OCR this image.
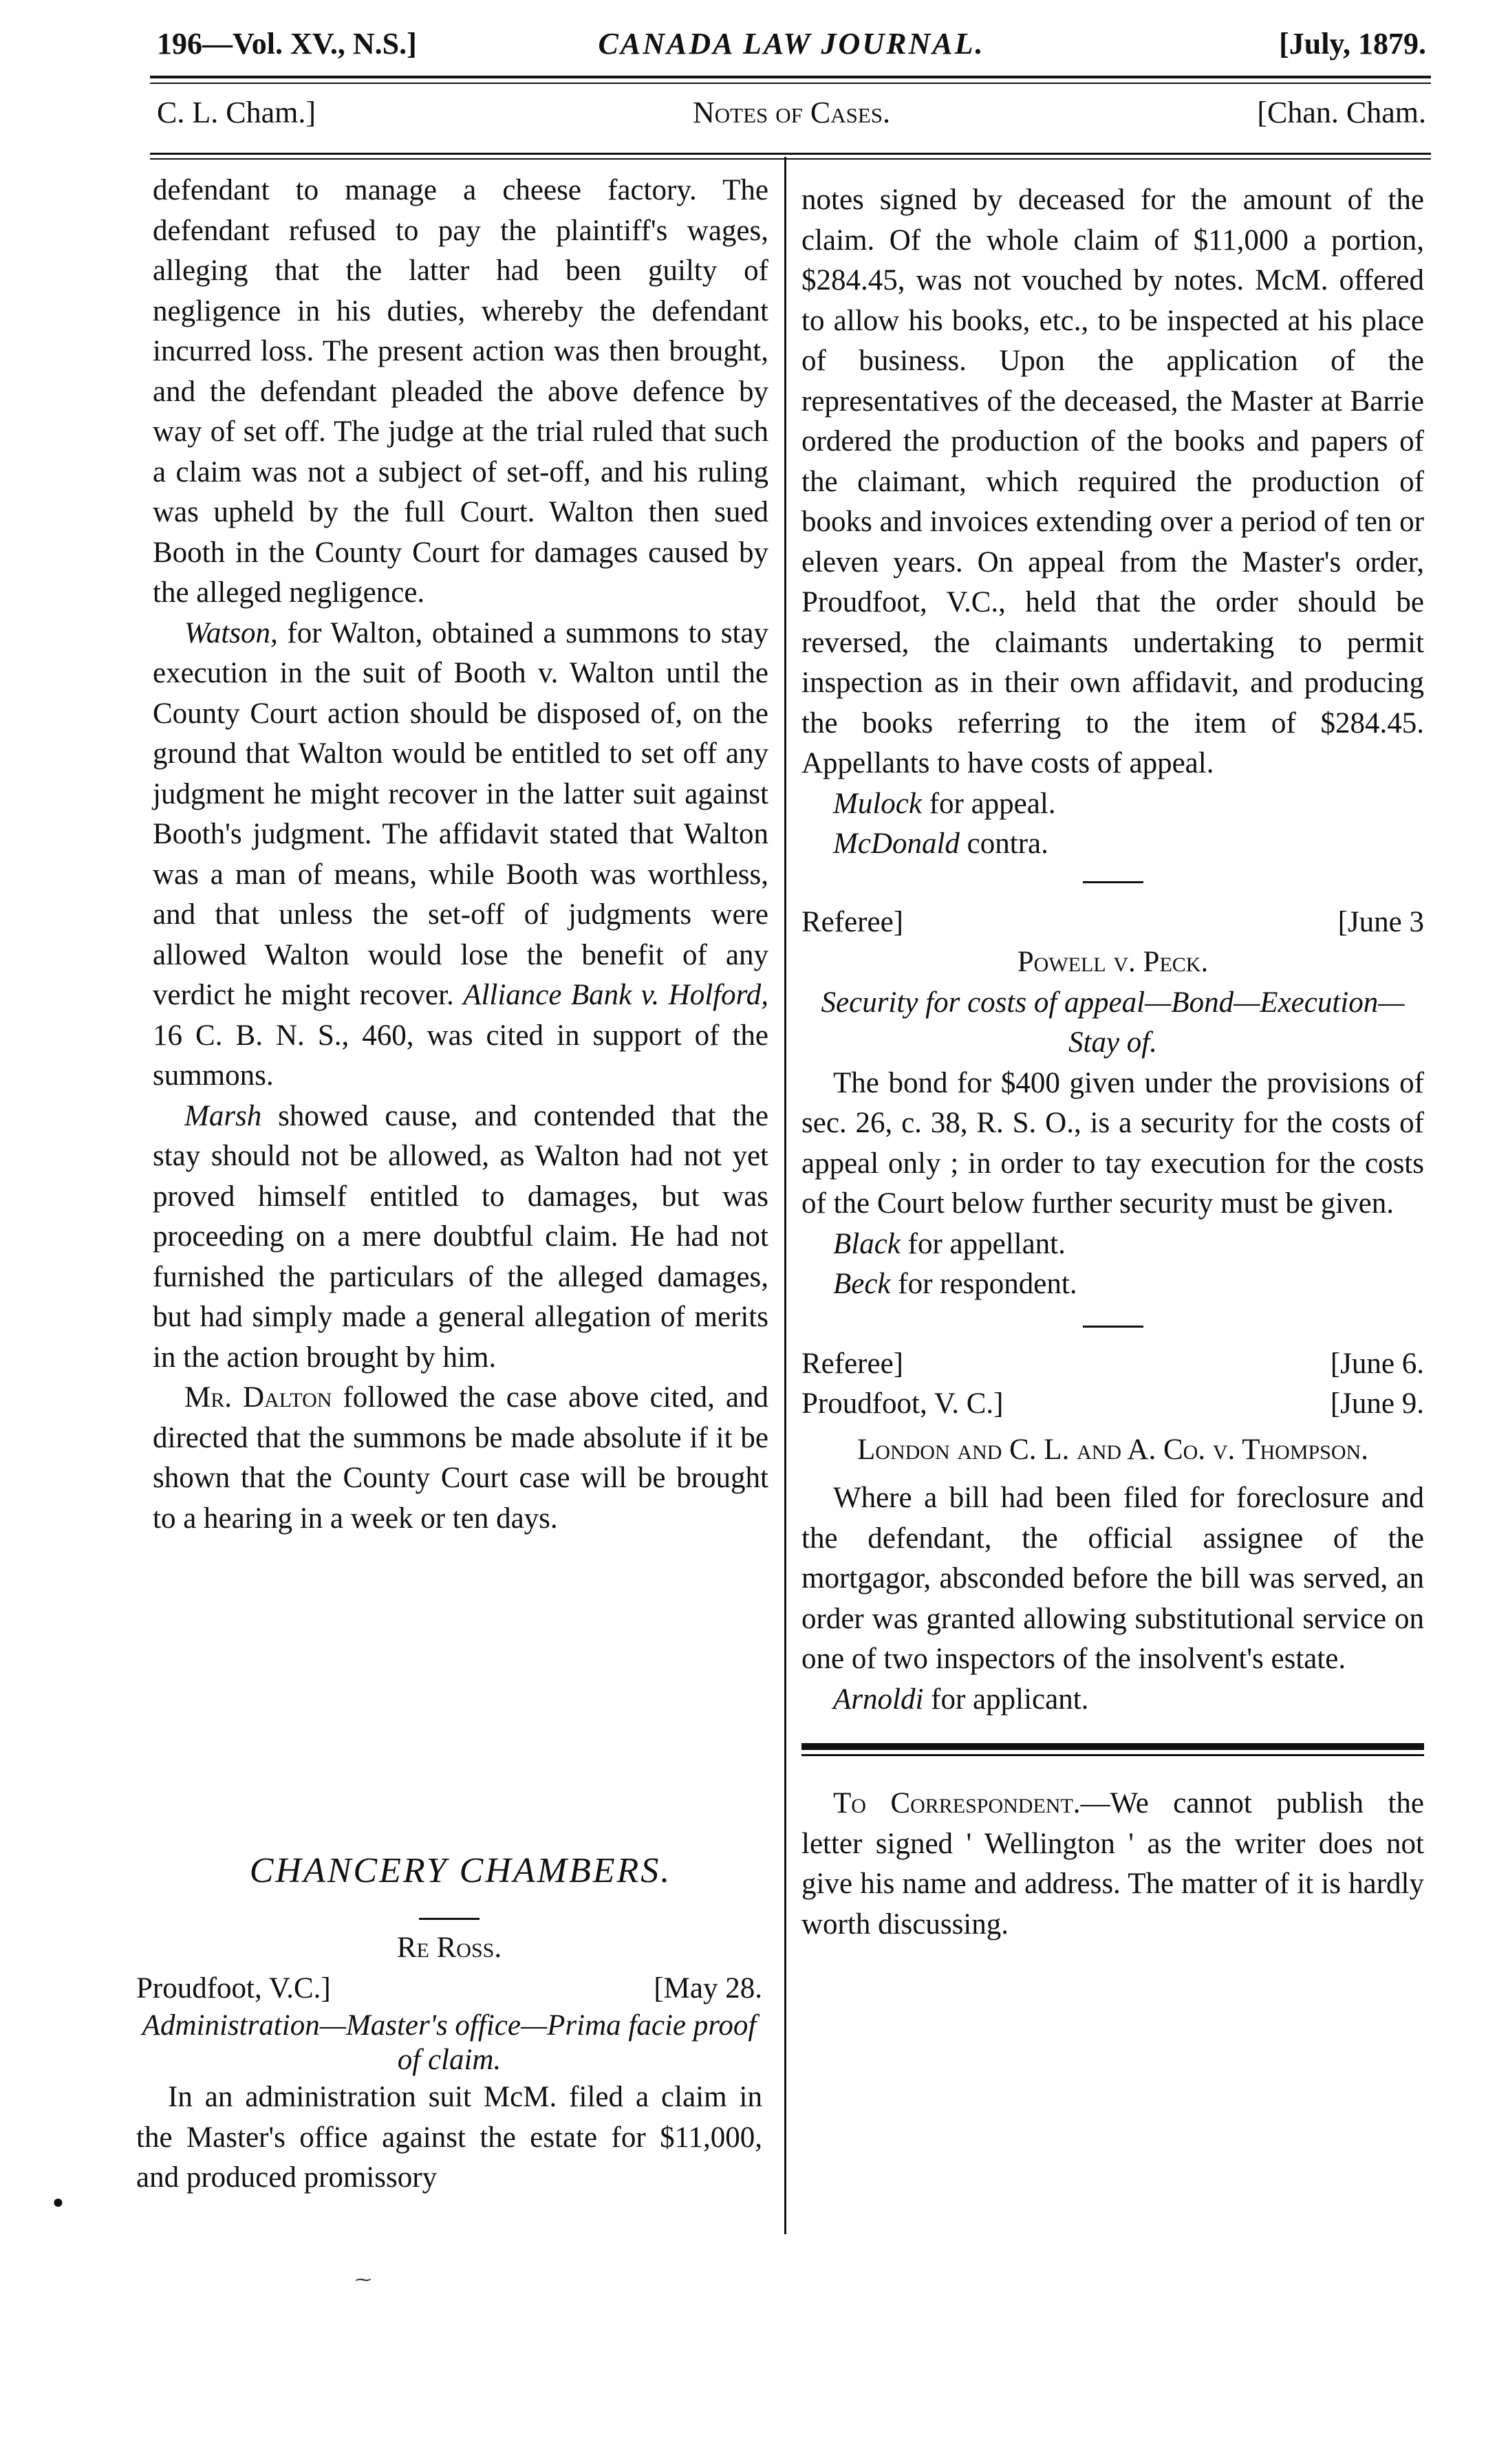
196—Vol. XV., N.S.]	CANADA LAW JOURNAL.	[July, 1879.
C. L. Cham.]	Notes of Cases.	[Chan. Cham.

defendant to manage a cheese factory. The defendant refused to pay the plaintiff's wages, alleging that the latter had been guilty of negligence in his duties, whereby the defendant incurred loss. The present action was then brought, and the defendant pleaded the above defence by way of set off. The judge at the trial ruled that such a claim was not a subject of set-off, and his ruling was upheld by the full Court. Walton then sued Booth in the County Court for damages caused by the alleged negligence.

Watson, for Walton, obtained a summons to stay execution in the suit of Booth v. Walton until the County Court action should be disposed of, on the ground that Walton would be entitled to set off any judgment he might recover in the latter suit against Booth's judgment. The affidavit stated that Walton was a man of means, while Booth was worthless, and that unless the set-off of judgments were allowed Walton would lose the benefit of any verdict he might recover. Alliance Bank v. Holford, 16 C. B. N. S., 460, was cited in support of the summons.

Marsh showed cause, and contended that the stay should not be allowed, as Walton had not yet proved himself entitled to damages, but was proceeding on a mere doubtful claim. He had not furnished the particulars of the alleged damages, but had simply made a general allegation of merits in the action brought by him.

Mr. Dalton followed the case above cited, and directed that the summons be made absolute if it be shown that the County Court case will be brought to a hearing in a week or ten days.

CHANCERY CHAMBERS.
Re Ross.
Proudfoot, V.C.]	[May 28.

Administration—Master's office—Prima facie proof of claim.

In an administration suit McM. filed a claim in the Master's office against the estate for $11,000, and produced promissory

notes signed by deceased for the amount of the claim. Of the whole claim of $11,000 a portion, $284.45, was not vouched by notes. McM. offered to allow his books, etc., to be inspected at his place of business. Upon the application of the representatives of the deceased, the Master at Barrie ordered the production of the books and papers of the claimant, which required the production of books and invoices extending over a period of ten or eleven years. On appeal from the Master's order, Proudfoot, V.C., held that the order should be reversed, the claimants undertaking to permit inspection as in their own affidavit, and producing the books referring to the item of $284.45. Appellants to have costs of appeal.

Mulock for appeal.

McDonald contra.

Referee]	[June 3
Powell v. Peck.

Security for costs of appeal—Bond—Execution—Stay of.

The bond for $400 given under the provisions of sec. 26, c. 38, R. S. O., is a security for the costs of appeal only ; in order to tay execution for the costs of the Court below further security must be given.

Black for appellant.

Beck for respondent.

Referee]	[June 6.
Proudfoot, V. C.]	[June 9.
London and C. L. and A. Co. v. Thompson.

Where a bill had been filed for foreclosure and the defendant, the official assignee of the mortgagor, absconded before the bill was served, an order was granted allowing substitutional service on one of two inspectors of the insolvent's estate.

Arnoldi for applicant.

To Correspondent.—We cannot publish the letter signed ' Wellington ' as the writer does not give his name and address. The matter of it is hardly worth discussing.

●
⁓
